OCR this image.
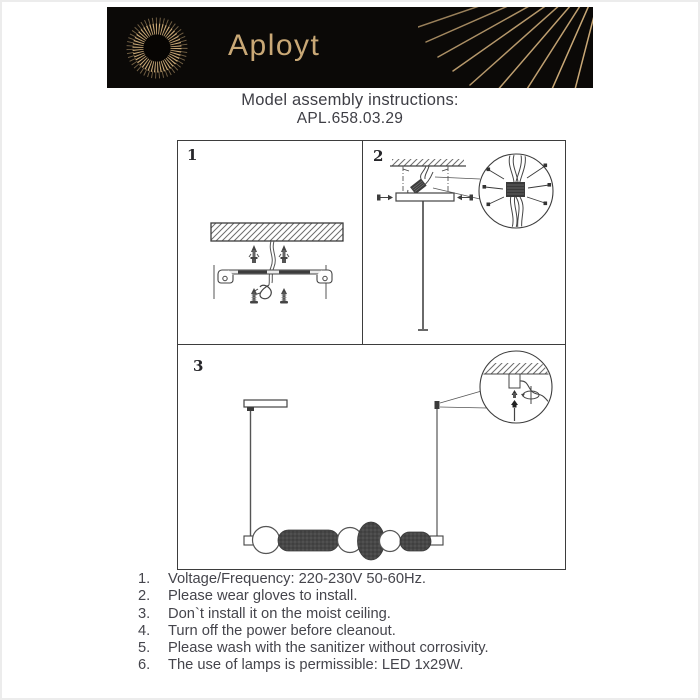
Aployt
Model assembly instructions:
APL.658.03.29
1	2
3
1.	Voltage/Frequency: 220-230V 50-60Hz.
2.	Please wear gloves to install.
3.	Don`t install it on the moist ceiling.
4.	Turn off the power before cleanout.
5.	Please wash with the sanitizer without corrosivity.
6.	The use of lamps is permissible: LED 1x29W.
